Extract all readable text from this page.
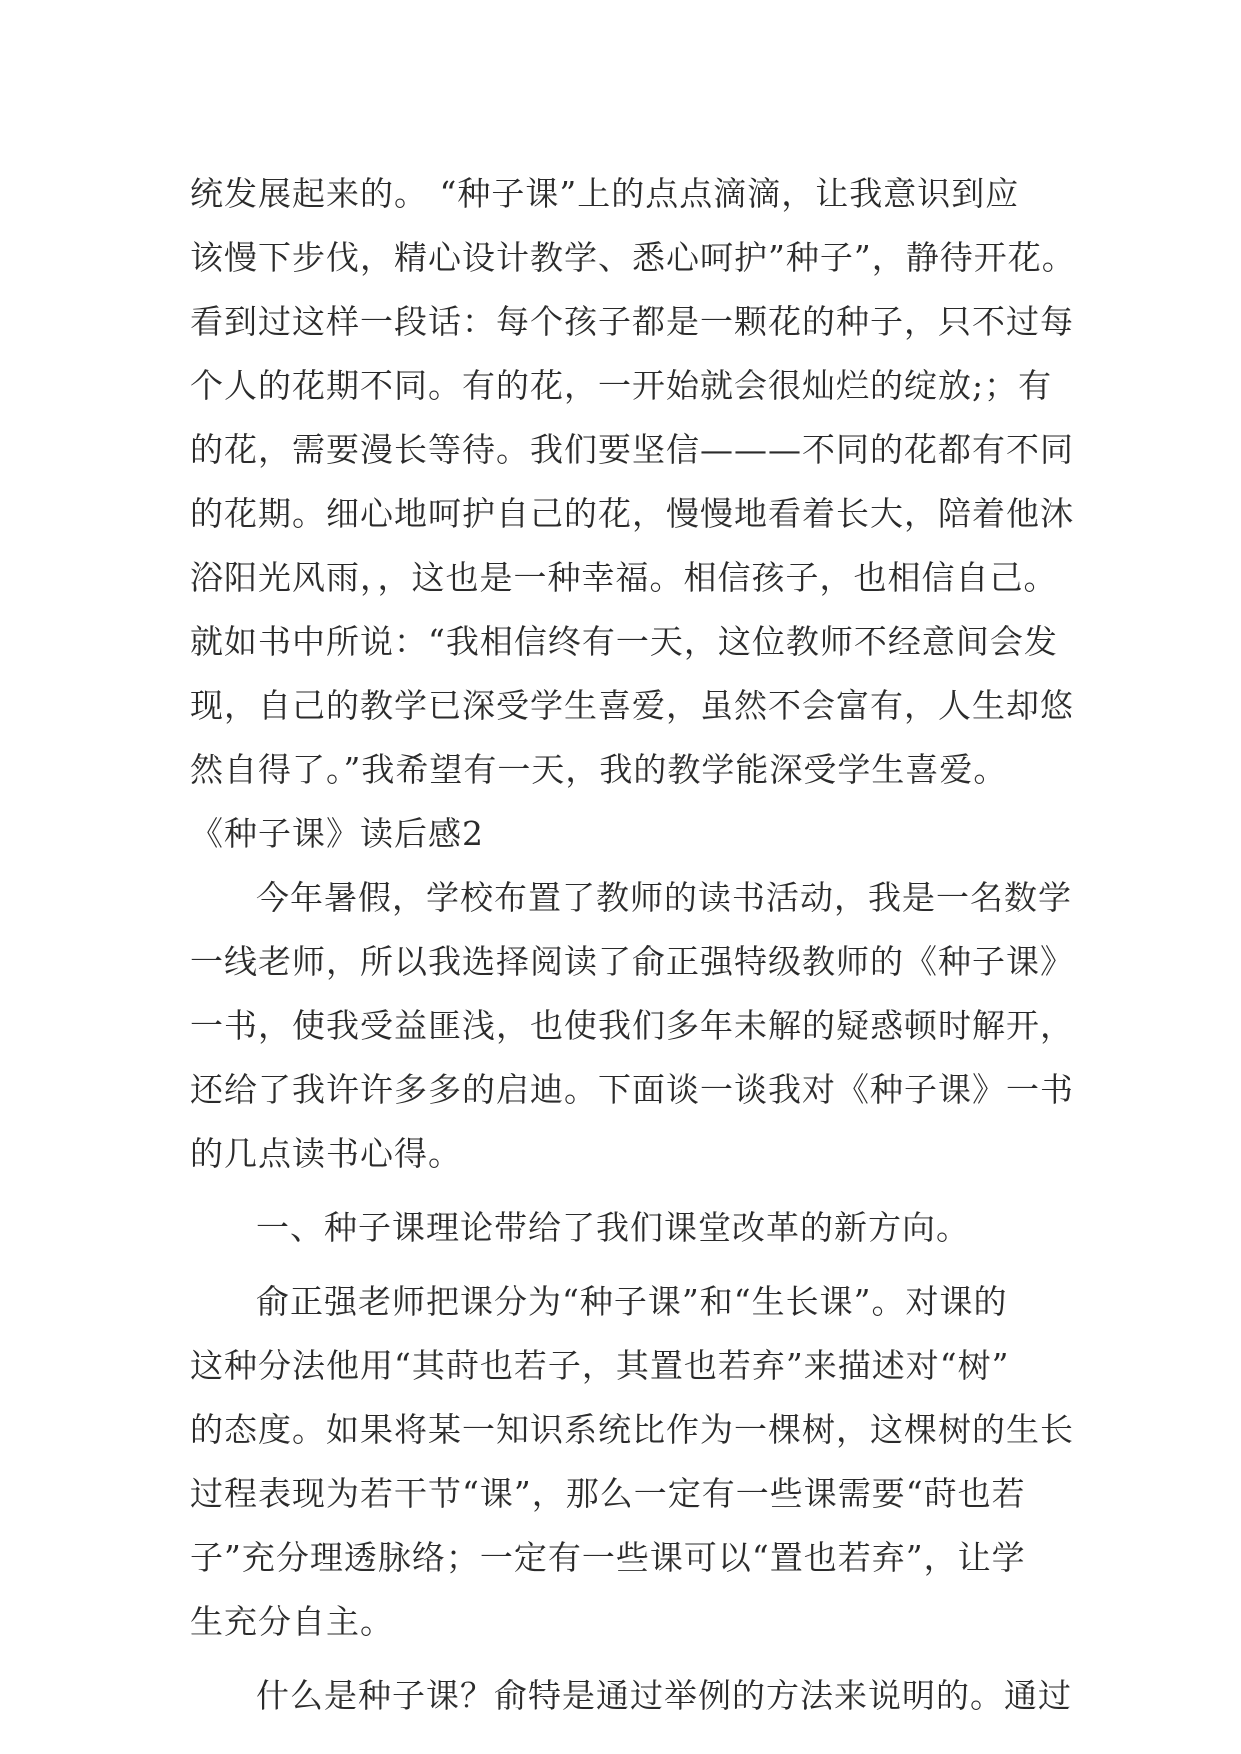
统发展起来的。 “种子课”上的点点滴滴，让我意识到应
该慢下步伐，精心设计教学、悉心呵护”种子”，静待开花。
看到过这样一段话：每个孩子都是一颗花的种子，只不过每
个人的花期不同。有的花，一开始就会很灿烂的绽放;；有
的花，需要漫长等待。我们要坚信———不同的花都有不同
的花期。细心地呵护自己的花，慢慢地看着长大，陪着他沐
浴阳光风雨，，这也是一种幸福。相信孩子，也相信自己。
就如书中所说：“我相信终有一天，这位教师不经意间会发
现，自己的教学已深受学生喜爱，虽然不会富有，人生却悠
然自得了。”我希望有一天，我的教学能深受学生喜爱。
《种子课》读后感2
今年暑假，学校布置了教师的读书活动，我是一名数学
一线老师，所以我选择阅读了俞正强特级教师的《种子课》
一书，使我受益匪浅，也使我们多年未解的疑惑顿时解开，
还给了我许许多多的启迪。下面谈一谈我对《种子课》一书
的几点读书心得。
一、种子课理论带给了我们课堂改革的新方向。
俞正强老师把课分为“种子课”和“生长课”。对课的
这种分法他用“其莳也若子，其置也若弃”来描述对“树”
的态度。如果将某一知识系统比作为一棵树，这棵树的生长
过程表现为若干节“课”，那么一定有一些课需要“莳也若
子”充分理透脉络；一定有一些课可以“置也若弃”，让学
生充分自主。
什么是种子课？俞特是通过举例的方法来说明的。通过
